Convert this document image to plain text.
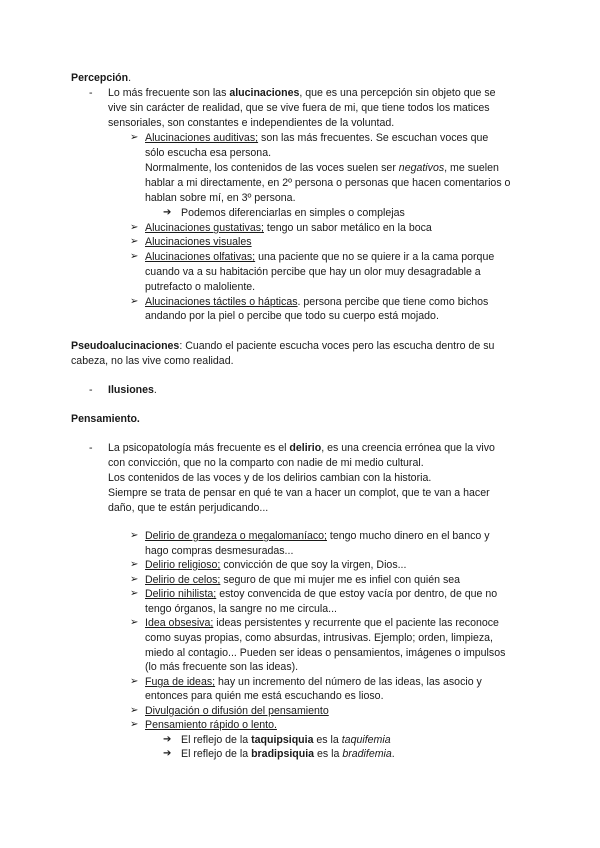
Percepción.
- Lo más frecuente son las alucinaciones, que es una percepción sin objeto que se
vive sin carácter de realidad, que se vive fuera de mi, que tiene todos los matices
sensoriales, son constantes e independientes de la voluntad.
➢ Alucinaciones auditivas; son las más frecuentes. Se escuchan voces que
sólo escucha esa persona.
Normalmente, los contenidos de las voces suelen ser negativos, me suelen
hablar a mi directamente, en 2º persona o personas que hacen comentarios o
hablan sobre mí, en 3º persona.
➔ Podemos diferenciarlas en simples o complejas
➢ Alucinaciones gustativas; tengo un sabor metálico en la boca
➢ Alucinaciones visuales
➢ Alucinaciones olfativas; una paciente que no se quiere ir a la cama porque
cuando va a su habitación percibe que hay un olor muy desagradable a
putrefacto o maloliente.
➢ Alucinaciones táctiles o hápticas. persona percibe que tiene como bichos
andando por la piel o percibe que todo su cuerpo está mojado.
Pseudoalucinaciones: Cuando el paciente escucha voces pero las escucha dentro de su
cabeza, no las vive como realidad.
- Ilusiones.
Pensamiento.
- La psicopatología más frecuente es el delirio, es una creencia errónea que la vivo
con convicción, que no la comparto con nadie de mi medio cultural.
Los contenidos de las voces y de los delirios cambian con la historia.
Siempre se trata de pensar en qué te van a hacer un complot, que te van a hacer
daño, que te están perjudicando...
➢ Delirio de grandeza o megalomaníaco; tengo mucho dinero en el banco y
hago compras desmesuradas...
➢ Delirio religioso; convicción de que soy la virgen, Dios...
➢ Delirio de celos; seguro de que mi mujer me es infiel con quién sea
➢ Delirio nihilista; estoy convencida de que estoy vacía por dentro, de que no
tengo órganos, la sangre no me circula...
➢ Idea obsesiva; ideas persistentes y recurrente que el paciente las reconoce
como suyas propias, como absurdas, intrusivas. Ejemplo; orden, limpieza,
miedo al contagio... Pueden ser ideas o pensamientos, imágenes o impulsos
(lo más frecuente son las ideas).
➢ Fuga de ideas; hay un incremento del número de las ideas, las asocio y
entonces para quién me está escuchando es lioso.
➢ Divulgación o difusión del pensamiento
➢ Pensamiento rápido o lento.
➔ El reflejo de la taquipsiquia es la taquifemia
➔ El reflejo de la bradipsiquia es la bradifemia.
